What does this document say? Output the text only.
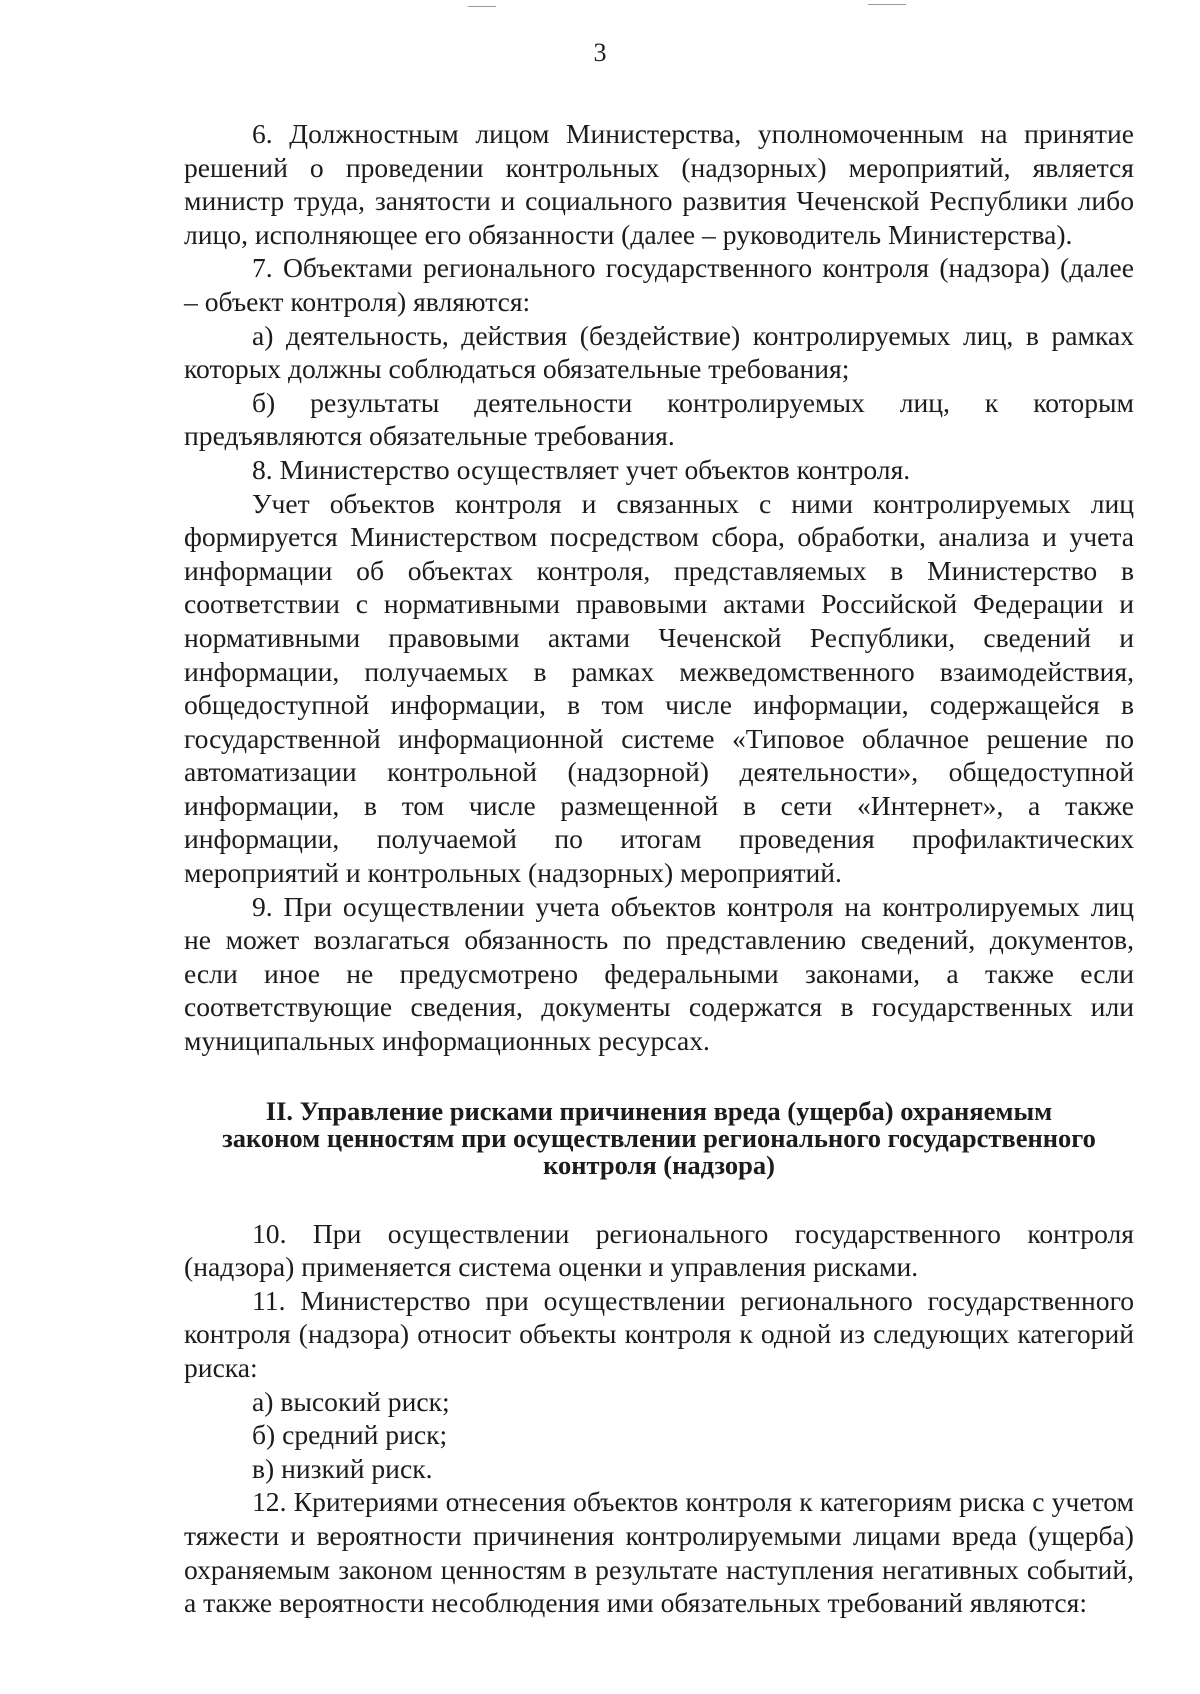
3

6. Должностным лицом Министерства, уполномоченным на принятие решений о проведении контрольных (надзорных) мероприятий, является министр труда, занятости и социального развития Чеченской Республики либо лицо, исполняющее его обязанности (далее – руководитель Министерства).

7. Объектами регионального государственного контроля (надзора) (далее – объект контроля) являются:

а) деятельность, действия (бездействие) контролируемых лиц, в рамках которых должны соблюдаться обязательные требования;

б) результаты деятельности контролируемых лиц, к которым предъявляются обязательные требования.

8. Министерство осуществляет учет объектов контроля.

Учет объектов контроля и связанных с ними контролируемых лиц формируется Министерством посредством сбора, обработки, анализа и учета информации об объектах контроля, представляемых в Министерство в соответствии с нормативными правовыми актами Российской Федерации и нормативными правовыми актами Чеченской Республики, сведений и информации, получаемых в рамках межведомственного взаимодействия, общедоступной информации, в том числе информации, содержащейся в государственной информационной системе «Типовое облачное решение по автоматизации контрольной (надзорной) деятельности», общедоступной информации, в том числе размещенной в сети «Интернет», а также информации, получаемой по итогам проведения профилактических мероприятий и контрольных (надзорных) мероприятий.

9. При осуществлении учета объектов контроля на контролируемых лиц не может возлагаться обязанность по представлению сведений, документов, если иное не предусмотрено федеральными законами, а также если соответствующие сведения, документы содержатся в государственных или муниципальных информационных ресурсах.

II. Управление рисками причинения вреда (ущерба) охраняемым
законом ценностям при осуществлении регионального государственного
контроля (надзора)

10. При осуществлении регионального государственного контроля (надзора) применяется система оценки и управления рисками.

11. Министерство при осуществлении регионального государственного контроля (надзора) относит объекты контроля к одной из следующих категорий риска:

а) высокий риск;

б) средний риск;

в) низкий риск.

12. Критериями отнесения объектов контроля к категориям риска с учетом тяжести и вероятности причинения контролируемыми лицами вреда (ущерба) охраняемым законом ценностям в результате наступления негативных событий, а также вероятности несоблюдения ими обязательных требований являются:
